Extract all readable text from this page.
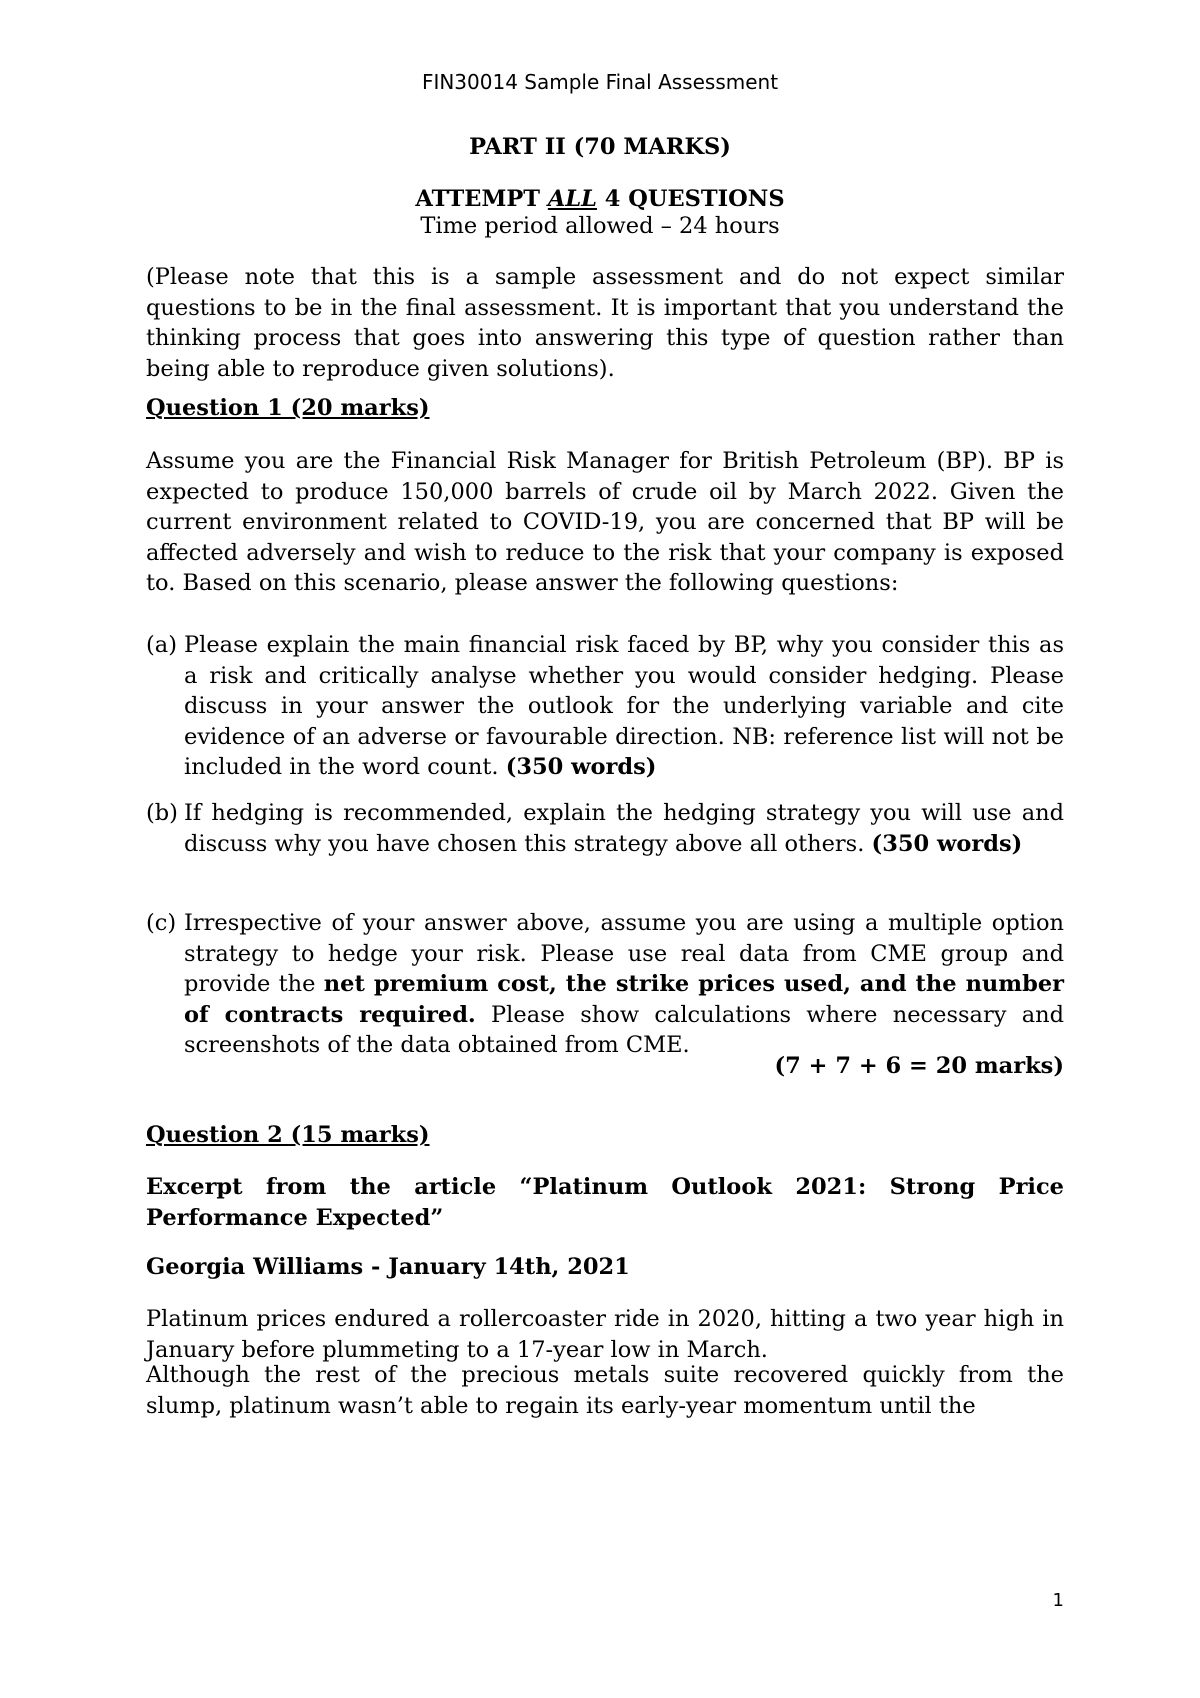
FIN30014 Sample Final Assessment
PART II (70 MARKS)
ATTEMPT ALL 4 QUESTIONS
Time period allowed – 24 hours
(Please note that this is a sample assessment and do not expect similar questions to be in the final assessment. It is important that you understand the thinking process that goes into answering this type of question rather than being able to reproduce given solutions).
Question 1 (20 marks)
Assume you are the Financial Risk Manager for British Petroleum (BP). BP is expected to produce 150,000 barrels of crude oil by March 2022. Given the current environment related to COVID-19, you are concerned that BP will be affected adversely and wish to reduce to the risk that your company is exposed to. Based on this scenario, please answer the following questions:
(a) Please explain the main financial risk faced by BP, why you consider this as a risk and critically analyse whether you would consider hedging. Please discuss in your answer the outlook for the underlying variable and cite evidence of an adverse or favourable direction. NB: reference list will not be included in the word count. (350 words)
(b) If hedging is recommended, explain the hedging strategy you will use and discuss why you have chosen this strategy above all others. (350 words)
(c) Irrespective of your answer above, assume you are using a multiple option strategy to hedge your risk. Please use real data from CME group and provide the net premium cost, the strike prices used, and the number of contracts required. Please show calculations where necessary and screenshots of the data obtained from CME.
(7 + 7 + 6 = 20 marks)
Question 2 (15 marks)
Excerpt from the article “Platinum Outlook 2021: Strong Price Performance Expected”
Georgia Williams - January 14th, 2021
Platinum prices endured a rollercoaster ride in 2020, hitting a two year high in January before plummeting to a 17-year low in March.
Although the rest of the precious metals suite recovered quickly from the slump, platinum wasn’t able to regain its early-year momentum until the
1
